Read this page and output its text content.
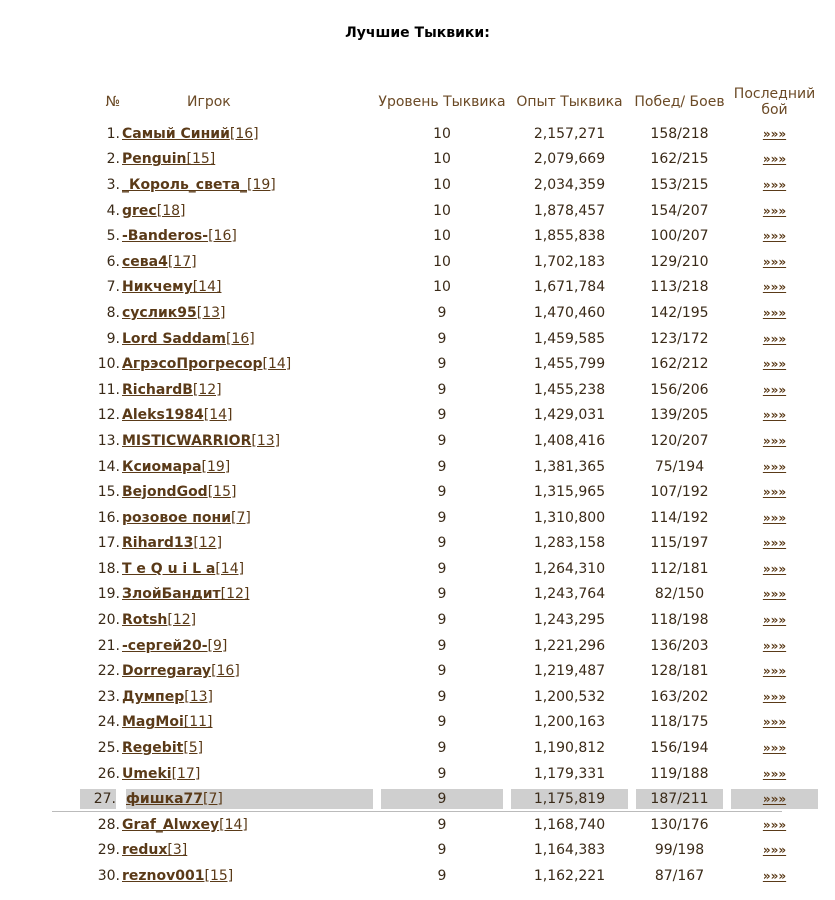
Лучшие Тыквики:
№	Игрок	Уровень Тыквика	Опыт Тыквика	Побед/ Боев	Последний бой
1.	Самый Синий[16]	10	2,157,271	158/218	»»»
2.	Penguin[15]	10	2,079,669	162/215	»»»
3.	_Король_света_[19]	10	2,034,359	153/215	»»»
4.	grec[18]	10	1,878,457	154/207	»»»
5.	-Banderos-[16]	10	1,855,838	100/207	»»»
6.	сева4[17]	10	1,702,183	129/210	»»»
7.	Никчему[14]	10	1,671,784	113/218	»»»
8.	суслик95[13]	9	1,470,460	142/195	»»»
9.	Lord Saddam[16]	9	1,459,585	123/172	»»»
10.	АгрэсоПрогресор[14]	9	1,455,799	162/212	»»»
11.	RichardB[12]	9	1,455,238	156/206	»»»
12.	Aleks1984[14]	9	1,429,031	139/205	»»»
13.	MISTICWARRIOR[13]	9	1,408,416	120/207	»»»
14.	Ксиомара[19]	9	1,381,365	75/194	»»»
15.	BejondGod[15]	9	1,315,965	107/192	»»»
16.	розовое пони[7]	9	1,310,800	114/192	»»»
17.	Rihard13[12]	9	1,283,158	115/197	»»»
18.	T e Q u i L a[14]	9	1,264,310	112/181	»»»
19.	ЗлойБандит[12]	9	1,243,764	82/150	»»»
20.	Rotsh[12]	9	1,243,295	118/198	»»»
21.	-сергей20-[9]	9	1,221,296	136/203	»»»
22.	Dorregaray[16]	9	1,219,487	128/181	»»»
23.	Думпер[13]	9	1,200,532	163/202	»»»
24.	MagMoi[11]	9	1,200,163	118/175	»»»
25.	Regebit[5]	9	1,190,812	156/194	»»»
26.	Umeki[17]	9	1,179,331	119/188	»»»

27.	фишка77[7]	9	1,175,819	187/211	»»»

28.	Graf_Alwxey[14]	9	1,168,740	130/176	»»»
29.	redux[3]	9	1,164,383	99/198	»»»
30.	reznov001[15]	9	1,162,221	87/167	»»»
